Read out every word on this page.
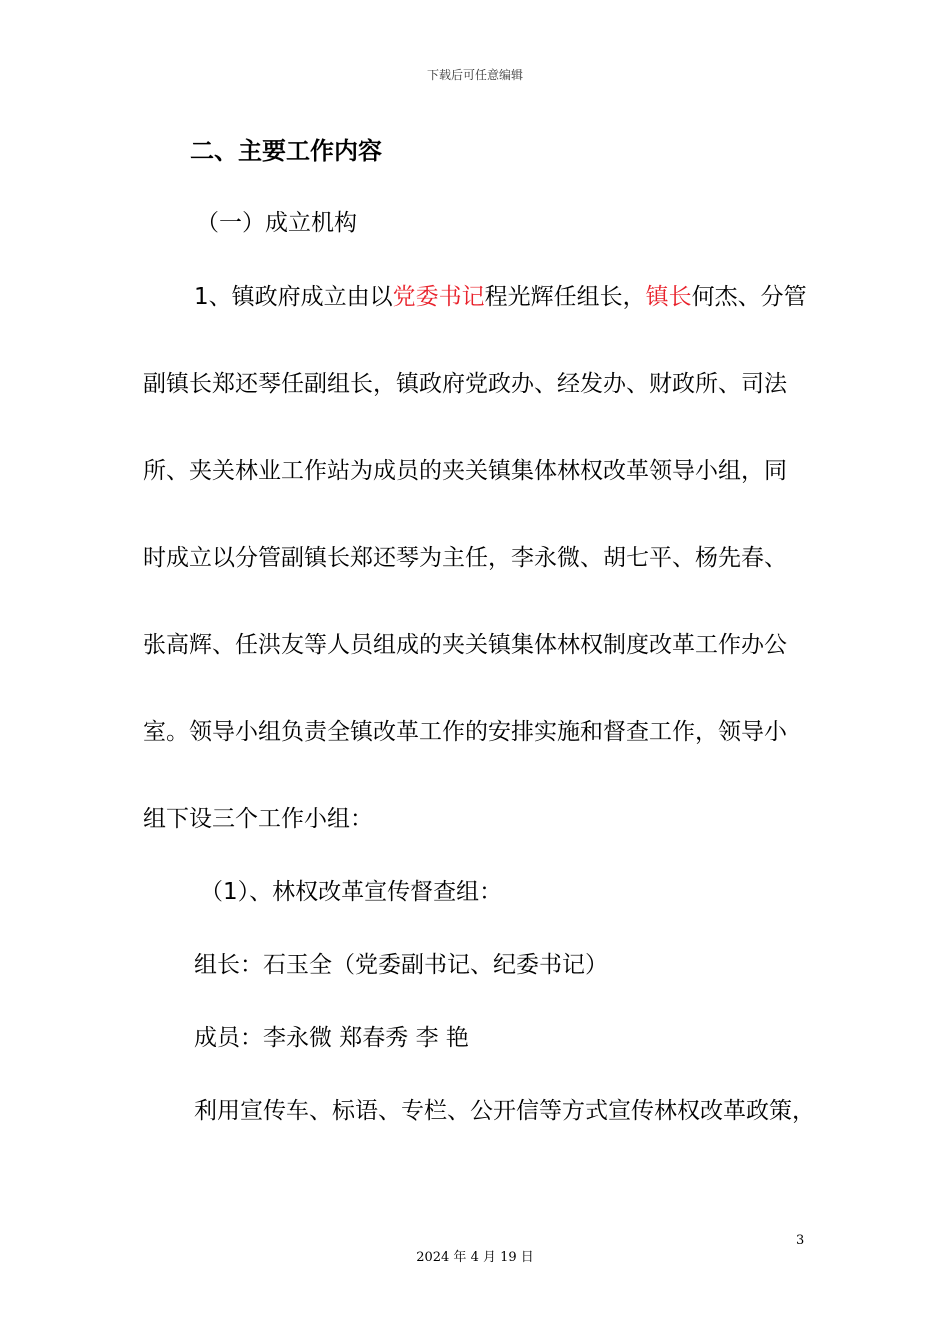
下载后可任意编辑
二、主要工作内容
（一）成立机构
1、镇政府成立由以党委书记程光辉任组长，镇长何杰、分管
副镇长郑还琴任副组长，镇政府党政办、经发办、财政所、司法
所、夹关林业工作站为成员的夹关镇集体林权改革领导小组，同
时成立以分管副镇长郑还琴为主任，李永微、胡七平、杨先春、
张高辉、任洪友等人员组成的夹关镇集体林权制度改革工作办公
室。领导小组负责全镇改革工作的安排实施和督查工作，领导小
组下设三个工作小组：
（1）、林权改革宣传督查组：
组长：石玉全（党委副书记、纪委书记）
成员：李永微 郑春秀 李 艳
利用宣传车、标语、专栏、公开信等方式宣传林权改革政策，
3
2024 年 4 月 19 日
